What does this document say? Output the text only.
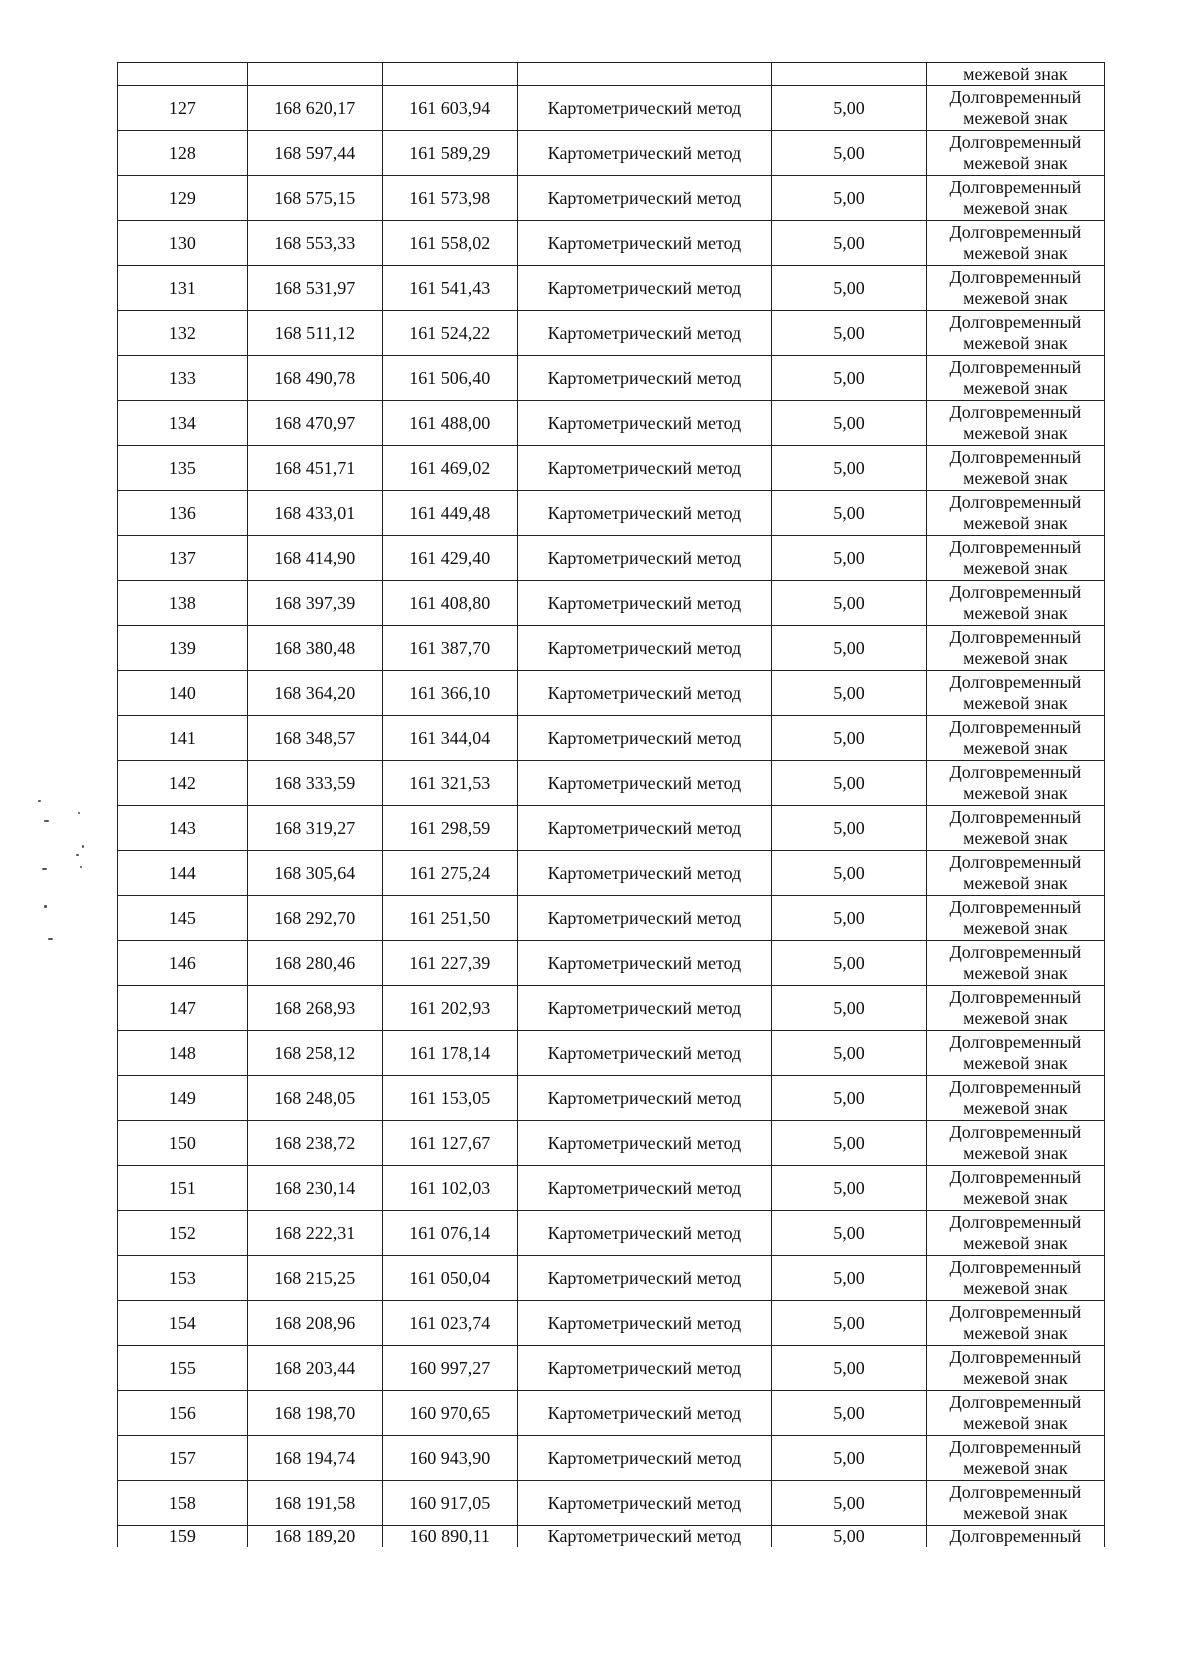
					межевой знак

127	168 620,17	161 603,94	Картометрический метод	5,00	Долговременный
межевой знак

128	168 597,44	161 589,29	Картометрический метод	5,00	Долговременный
межевой знак

129	168 575,15	161 573,98	Картометрический метод	5,00	Долговременный
межевой знак

130	168 553,33	161 558,02	Картометрический метод	5,00	Долговременный
межевой знак

131	168 531,97	161 541,43	Картометрический метод	5,00	Долговременный
межевой знак

132	168 511,12	161 524,22	Картометрический метод	5,00	Долговременный
межевой знак

133	168 490,78	161 506,40	Картометрический метод	5,00	Долговременный
межевой знак

134	168 470,97	161 488,00	Картометрический метод	5,00	Долговременный
межевой знак

135	168 451,71	161 469,02	Картометрический метод	5,00	Долговременный
межевой знак

136	168 433,01	161 449,48	Картометрический метод	5,00	Долговременный
межевой знак

137	168 414,90	161 429,40	Картометрический метод	5,00	Долговременный
межевой знак

138	168 397,39	161 408,80	Картометрический метод	5,00	Долговременный
межевой знак

139	168 380,48	161 387,70	Картометрический метод	5,00	Долговременный
межевой знак

140	168 364,20	161 366,10	Картометрический метод	5,00	Долговременный
межевой знак

141	168 348,57	161 344,04	Картометрический метод	5,00	Долговременный
межевой знак

142	168 333,59	161 321,53	Картометрический метод	5,00	Долговременный
межевой знак

143	168 319,27	161 298,59	Картометрический метод	5,00	Долговременный
межевой знак

144	168 305,64	161 275,24	Картометрический метод	5,00	Долговременный
межевой знак

145	168 292,70	161 251,50	Картометрический метод	5,00	Долговременный
межевой знак

146	168 280,46	161 227,39	Картометрический метод	5,00	Долговременный
межевой знак

147	168 268,93	161 202,93	Картометрический метод	5,00	Долговременный
межевой знак

148	168 258,12	161 178,14	Картометрический метод	5,00	Долговременный
межевой знак

149	168 248,05	161 153,05	Картометрический метод	5,00	Долговременный
межевой знак

150	168 238,72	161 127,67	Картометрический метод	5,00	Долговременный
межевой знак

151	168 230,14	161 102,03	Картометрический метод	5,00	Долговременный
межевой знак

152	168 222,31	161 076,14	Картометрический метод	5,00	Долговременный
межевой знак

153	168 215,25	161 050,04	Картометрический метод	5,00	Долговременный
межевой знак

154	168 208,96	161 023,74	Картометрический метод	5,00	Долговременный
межевой знак

155	168 203,44	160 997,27	Картометрический метод	5,00	Долговременный
межевой знак

156	168 198,70	160 970,65	Картометрический метод	5,00	Долговременный
межевой знак

157	168 194,74	160 943,90	Картометрический метод	5,00	Долговременный
межевой знак

158	168 191,58	160 917,05	Картометрический метод	5,00	Долговременный
межевой знак

159	168 189,20	160 890,11	Картометрический метод	5,00	Долговременный
